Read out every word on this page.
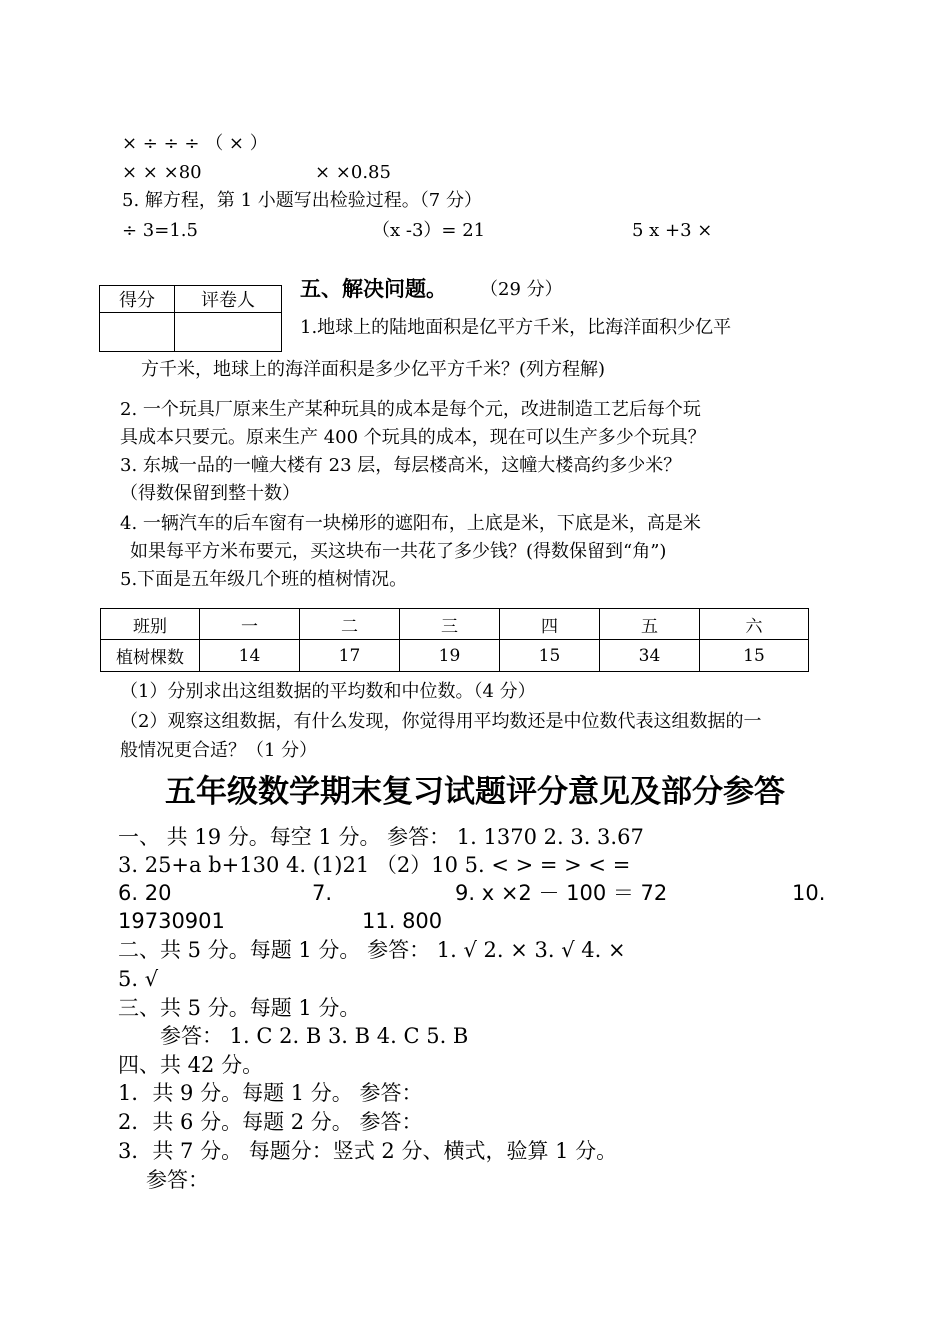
× ÷ ÷ ÷ （ × ）
× × ×80	× ×0.85
5. 解方程，第 1 小题写出检验过程。（7 分）
÷ 3=1.5	（x -3）= 21	5 x +3 ×
得分	评卷人
	五、解决问题。 （29 分）
1.地球上的陆地面积是亿平方千米，比海洋面积少亿平
方千米，地球上的海洋面积是多少亿平方千米？(列方程解)
2. 一个玩具厂原来生产某种玩具的成本是每个元，改进制造工艺后每个玩
具成本只要元。原来生产 400 个玩具的成本，现在可以生产多少个玩具？
3. 东城一品的一幢大楼有 23 层，每层楼高米，这幢大楼高约多少米？
（得数保留到整十数）
4. 一辆汽车的后车窗有一块梯形的遮阳布，上底是米，下底是米，高是米
如果每平方米布要元，买这块布一共花了多少钱？(得数保留到“角”)
5.下面是五年级几个班的植树情况。
班别	一	二	三	四	五	六
植树棵数	14	17	19	15	34	15
（1）分别求出这组数据的平均数和中位数。（4 分）
（2）观察这组数据，有什么发现，你觉得用平均数还是中位数代表这组数据的一
般情况更合适？（1 分）
五年级数学期末复习试题评分意见及部分参答
一、 共 19 分。每空 1 分。 参答： 1. 1370 2. 3. 3.67
3. 25+a b+130 4. (1)21 （2）10 5. < > = > < =
6. 20	7.	9. x ×2 － 100 ＝ 72	10.
19730901	11. 800
二、共 5 分。每题 1 分。 参答： 1. √ 2. × 3. √ 4. ×
5. √
三、共 5 分。每题 1 分。
参答： 1. C 2. B 3. B 4. C 5. B
四、共 42 分。
1．共 9 分。每题 1 分。 参答：
2．共 6 分。每题 2 分。 参答：
3．共 7 分。 每题分：竖式 2 分、横式，验算 1 分。
参答：
